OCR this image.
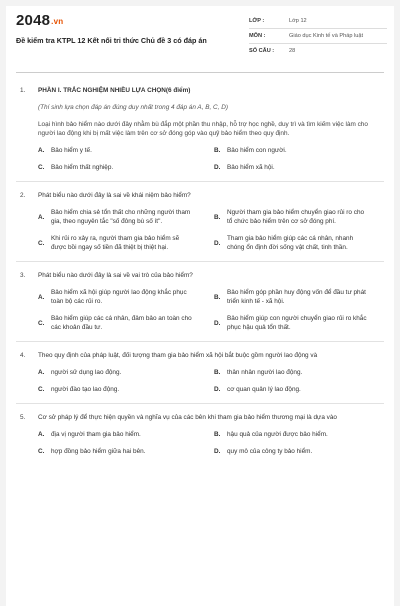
2048.vn
Đề kiểm tra KTPL 12 Kết nối tri thức Chủ đề 3 có đáp án
LỚP :	Lớp 12
MÔN :	Giáo dục Kinh tế và Pháp luật
SỐ CÂU :	28
1. PHẦN I. TRẮC NGHIỆM NHIỀU LỰA CHỌN(6 điểm)
(Thí sinh lựa chọn đáp án đúng duy nhất trong 4 đáp án A, B, C, D)
Loại hình bảo hiểm nào dưới đây nhằm bù đắp một phần thu nhập, hỗ trợ học nghề, duy trì và tìm kiếm việc làm cho người lao động khi bị mất việc làm trên cơ sở đóng góp vào quỹ bảo hiểm theo quy định.
A.	Bảo hiểm y tế.	B.	Bảo hiểm con người.
C.	Bảo hiểm thất nghiệp.	D.	Bảo hiểm xã hội.
2. Phát biểu nào dưới đây là sai về khái niệm bảo hiểm?
A.
Bảo hiểm chia sẻ tổn thất cho những người tham gia, theo nguyên tắc "số đông bù số ít".
B.
Người tham gia bảo hiểm chuyển giao rủi ro cho tổ chức bảo hiểm trên cơ sở đóng phí.
C.
Khi rủi ro xảy ra, người tham gia bảo hiểm sẽ được bồi ngay số tiền đã thiệt bị thiệt hại.
D.
Tham gia bảo hiểm giúp các cá nhân, nhanh chóng ổn định đời sống vật chất, tinh thần.
3. Phát biểu nào dưới đây là sai về vai trò của bảo hiểm?
A.
Bảo hiểm xã hội giúp người lao động khắc phục toàn bộ các rủi ro.
B.
Bảo hiểm góp phần huy động vốn để đầu tư phát triển kinh tế - xã hội.
C.
Bảo hiểm giúp các cá nhân, đảm bảo an toàn cho các khoản đầu tư.
D.
Bảo hiểm giúp con người chuyển giao rủi ro khắc phục hậu quả tổn thất.
4. Theo quy định của pháp luật, đối tượng tham gia bảo hiểm xã hội bắt buộc gồm người lao động và
A.	người sử dụng lao động.	B.	thân nhân người lao động.
C.	người đào tạo lao động.	D.	cơ quan quản lý lao động.
5. Cơ sở pháp lý để thực hiện quyền và nghĩa vụ của các bên khi tham gia bảo hiểm thương mại là dựa vào
A.	địa vị người tham gia bảo hiểm.	B.	hậu quả của người được bảo hiểm.
C.	hợp đồng bảo hiểm giữa hai bên.	D.	quy mô của công ty bảo hiểm.
